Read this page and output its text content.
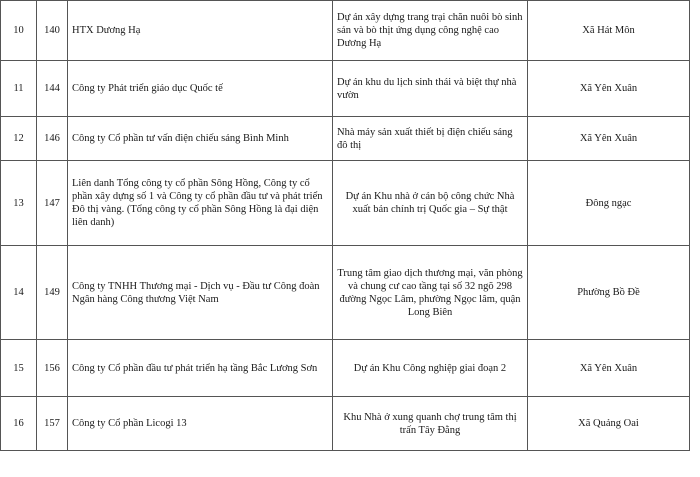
10	140	HTX Dương Hạ	Dự án xây dựng trang trại chăn nuôi bò sinh sản và bò thịt ứng dụng công nghệ cao Dương Hạ	Xã Hát Môn
11	144	Công ty Phát triển giáo dục Quốc tế	Dự án khu du lịch sinh thái và biệt thự nhà vườn	Xã Yên Xuân
12	146	Công ty Cổ phần tư vấn điện chiếu sáng Bình Minh	Nhà máy sản xuất thiết bị điện chiếu sáng đô thị	Xã Yên Xuân
13	147	Liên danh Tổng công ty cổ phần Sông Hồng, Công ty cổ phần xây dựng số 1 và Công ty cổ phần đầu tư và phát triển Đô thị vàng. (Tổng công ty cổ phần Sông Hồng là đại diện liên danh)	Dự án Khu nhà ở cán bộ công chức Nhà xuất bản chính trị Quốc gia – Sự thật	Đông ngạc
14	149	Công ty TNHH Thương mại - Dịch vụ - Đầu tư Công đoàn Ngân hàng Công thương Việt Nam	Trung tâm giao dịch thương mại, văn phòng và chung cư cao tầng tại số 32 ngõ 298 đường Ngọc Lâm, phường Ngọc lâm, quận Long Biên	Phường Bồ Đề
15	156	Công ty Cổ phần đầu tư phát triển hạ tầng Bắc Lương Sơn	Dự án Khu Công nghiệp giai đoạn 2	Xã Yên Xuân
16	157	Công ty Cổ phần Licogi 13	Khu Nhà ở xung quanh chợ trung tâm thị trấn Tây Đằng	Xã Quảng Oai
